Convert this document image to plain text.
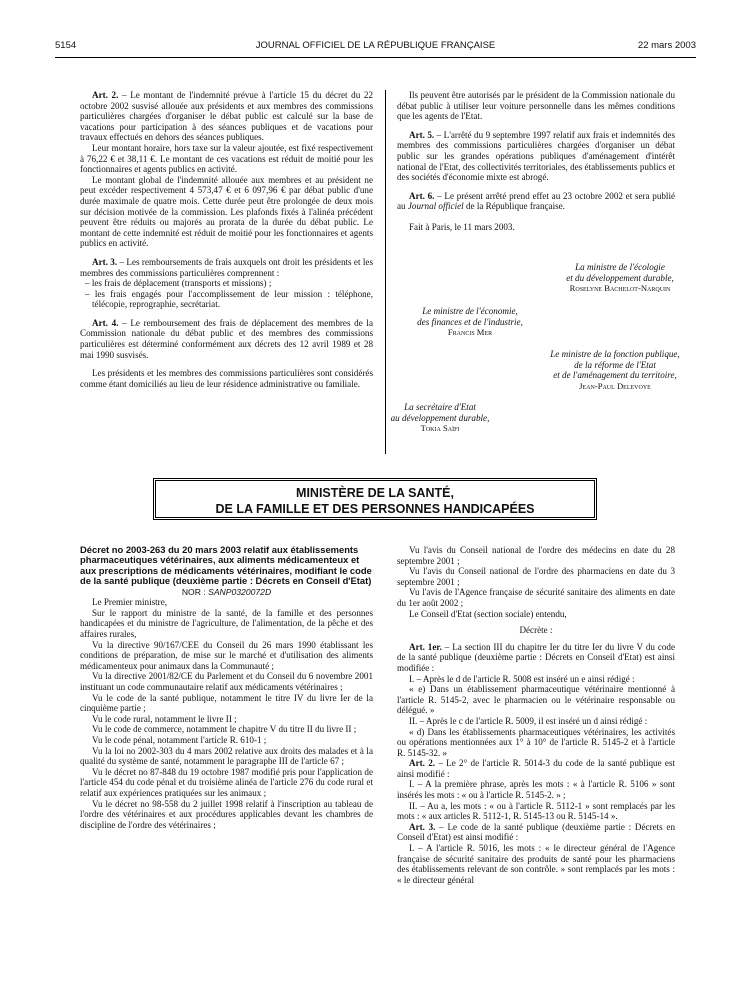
5154	JOURNAL OFFICIEL DE LA RÉPUBLIQUE FRANÇAISE	22 mars 2003

Art. 2. – Le montant de l'indemnité prévue à l'article 15 du décret du 22 octobre 2002 susvisé allouée aux présidents et aux membres des commissions particulières chargées d'organiser le débat public est calculé sur la base de vacations pour participation à des séances publiques et de vacations pour travaux effectués en dehors des séances publiques.

Leur montant horaire, hors taxe sur la valeur ajoutée, est fixé respectivement à 76,22 € et 38,11 €. Le montant de ces vacations est réduit de moitié pour les fonctionnaires et agents publics en activité.

Le montant global de l'indemnité allouée aux membres et au président ne peut excéder respectivement 4 573,47 € et 6 097,96 € par débat public d'une durée maximale de quatre mois. Cette durée peut être prolongée de deux mois sur décision motivée de la commission. Les plafonds fixés à l'alinéa précédent peuvent être réduits ou majorés au prorata de la durée du débat public. Le montant de cette indemnité est réduit de moitié pour les fonctionnaires et agents publics en activité.

Art. 3. – Les remboursements de frais auxquels ont droit les présidents et les membres des commissions particulières comprennent :

– les frais de déplacement (transports et missions) ;

– les frais engagés pour l'accomplissement de leur mission : téléphone, télécopie, reprographie, secrétariat.

Art. 4. – Le remboursement des frais de déplacement des membres de la Commission nationale du débat public et des membres des commissions particulières est déterminé conformément aux décrets des 12 avril 1989 et 28 mai 1990 susvisés.

Les présidents et les membres des commissions particulières sont considérés comme étant domiciliés au lieu de leur résidence administrative ou familiale.

Ils peuvent être autorisés par le président de la Commission nationale du débat public à utiliser leur voiture personnelle dans les mêmes conditions que les agents de l'Etat.

Art. 5. – L'arrêté du 9 septembre 1997 relatif aux frais et indemnités des membres des commissions particulières chargées d'organiser un débat public sur les grandes opérations publiques d'aménagement d'intérêt national de l'Etat, des collectivités territoriales, des établissements publics et des sociétés d'économie mixte est abrogé.

Art. 6. – Le présent arrêté prend effet au 23 octobre 2002 et sera publié au Journal officiel de la République française.

Fait à Paris, le 11 mars 2003.

La ministre de l'écologie
et du développement durable,
Roselyne Bachelot-Narquin
Le ministre de l'économie,
des finances et de l'industrie,
Francis Mer
Le ministre de la fonction publique,
de la réforme de l'Etat
et de l'aménagement du territoire,
Jean-Paul Delevoye
La secrétaire d'Etat
au développement durable,
Tokia Saïfi
MINISTÈRE DE LA SANTÉ,
DE LA FAMILLE ET DES PERSONNES HANDICAPÉES

Décret no 2003-263 du 20 mars 2003 relatif aux établissements pharmaceutiques vétérinaires, aux aliments médicamenteux et aux prescriptions de médicaments vétérinaires, modifiant le code de la santé publique (deuxième partie : Décrets en Conseil d'Etat)

NOR : SANP0320072D

Le Premier ministre,

Sur le rapport du ministre de la santé, de la famille et des personnes handicapées et du ministre de l'agriculture, de l'alimentation, de la pêche et des affaires rurales,

Vu la directive 90/167/CEE du Conseil du 26 mars 1990 établissant les conditions de préparation, de mise sur le marché et d'utilisation des aliments médicamenteux pour animaux dans la Communauté ;

Vu la directive 2001/82/CE du Parlement et du Conseil du 6 novembre 2001 instituant un code communautaire relatif aux médicaments vétérinaires ;

Vu le code de la santé publique, notamment le titre IV du livre Ier de la cinquième partie ;

Vu le code rural, notamment le livre II ;

Vu le code de commerce, notamment le chapitre V du titre II du livre II ;

Vu le code pénal, notamment l'article R. 610-1 ;

Vu la loi no 2002-303 du 4 mars 2002 relative aux droits des malades et à la qualité du système de santé, notamment le paragraphe III de l'article 67 ;

Vu le décret no 87-848 du 19 octobre 1987 modifié pris pour l'application de l'article 454 du code pénal et du troisième alinéa de l'article 276 du code rural et relatif aux expériences pratiquées sur les animaux ;

Vu le décret no 98-558 du 2 juillet 1998 relatif à l'inscription au tableau de l'ordre des vétérinaires et aux procédures applicables devant les chambres de discipline de l'ordre des vétérinaires ;

Vu l'avis du Conseil national de l'ordre des médecins en date du 28 septembre 2001 ;

Vu l'avis du Conseil national de l'ordre des pharmaciens en date du 3 septembre 2001 ;

Vu l'avis de l'Agence française de sécurité sanitaire des aliments en date du 1er août 2002 ;

Le Conseil d'Etat (section sociale) entendu,

Décrète :

Art. 1er. – La section III du chapitre Ier du titre Ier du livre V du code de la santé publique (deuxième partie : Décrets en Conseil d'Etat) est ainsi modifiée :

I. – Après le d de l'article R. 5008 est inséré un e ainsi rédigé :

« e) Dans un établissement pharmaceutique vétérinaire mentionné à l'article R. 5145-2, avec le pharmacien ou le vétérinaire responsable ou délégué. »

II. – Après le c de l'article R. 5009, il est inséré un d ainsi rédigé :

« d) Dans les établissements pharmaceutiques vétérinaires, les activités ou opérations mentionnées aux 1° à 10° de l'article R. 5145-2 et à l'article R. 5145-32. »

Art. 2. – Le 2° de l'article R. 5014-3 du code de la santé publique est ainsi modifié :

I. – A la première phrase, après les mots : « à l'article R. 5106 » sont insérés les mots : « ou à l'article R. 5145-2. » ;

II. – Au a, les mots : « ou à l'article R. 5112-1 » sont remplacés par les mots : « aux articles R. 5112-1, R. 5145-13 ou R. 5145-14 ».

Art. 3. – Le code de la santé publique (deuxième partie : Décrets en Conseil d'Etat) est ainsi modifié :

I. – A l'article R. 5016, les mots : « le directeur général de l'Agence française de sécurité sanitaire des produits de santé pour les pharmaciens des établissements relevant de son contrôle. » sont remplacés par les mots : « le directeur général
